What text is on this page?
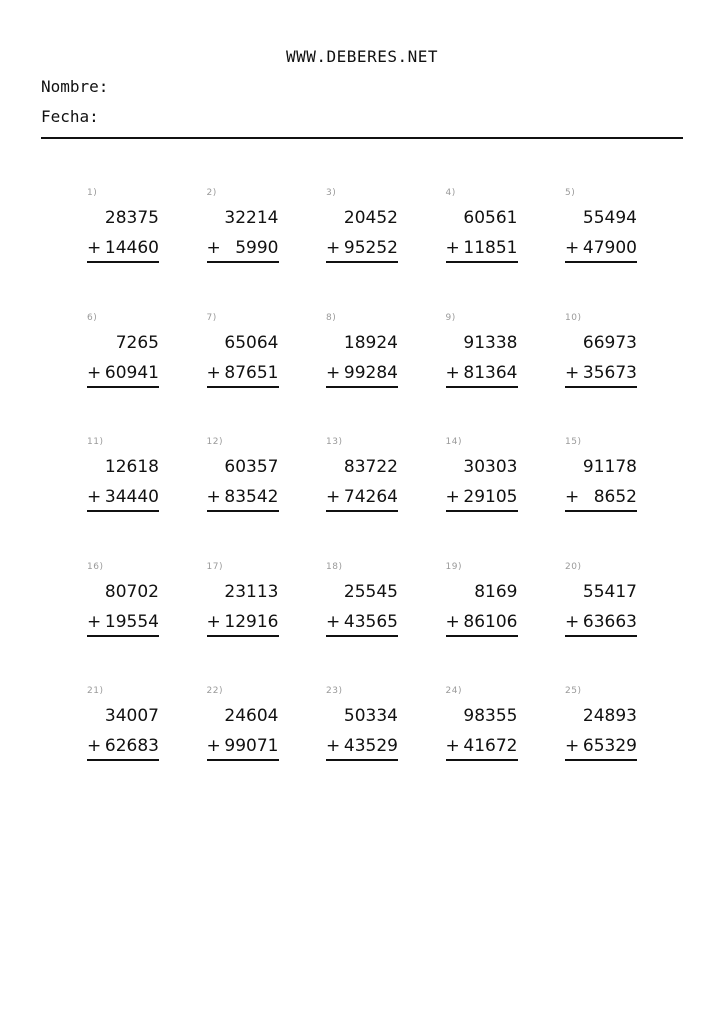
WWW.DEBERES.NET
Nombre:
Fecha:
1)
28375
+ 14460
2)
32214
+ 5990
3)
20452
+ 95252
4)
60561
+ 11851
5)
55494
+ 47900
6)
7265
+ 60941
7)
65064
+ 87651
8)
18924
+ 99284
9)
91338
+ 81364
10)
66973
+ 35673
11)
12618
+ 34440
12)
60357
+ 83542
13)
83722
+ 74264
14)
30303
+ 29105
15)
91178
+ 8652
16)
80702
+ 19554
17)
23113
+ 12916
18)
25545
+ 43565
19)
8169
+ 86106
20)
55417
+ 63663
21)
34007
+ 62683
22)
24604
+ 99071
23)
50334
+ 43529
24)
98355
+ 41672
25)
24893
+ 65329
